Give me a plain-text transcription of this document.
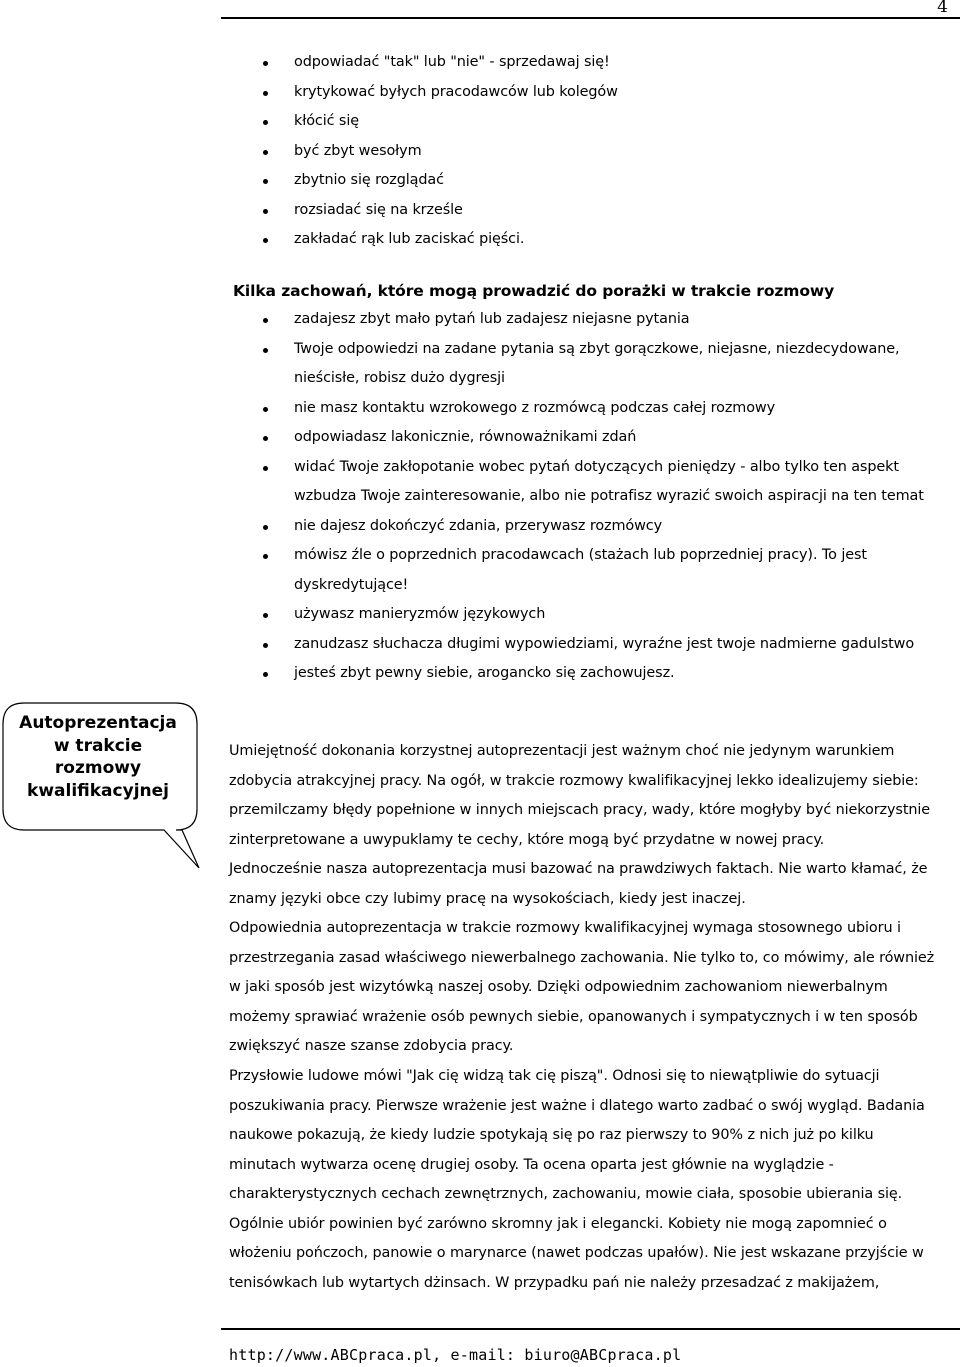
4
odpowiadać "tak" lub "nie" - sprzedawaj się!
krytykować byłych pracodawców lub kolegów
kłócić się
być zbyt wesołym
zbytnio się rozglądać
rozsiadać się na krześle
zakładać rąk lub zaciskać pięści.
Kilka zachowań, które mogą prowadzić do porażki w trakcie rozmowy
zadajesz zbyt mało pytań lub zadajesz niejasne pytania
Twoje odpowiedzi na zadane pytania są zbyt gorączkowe, niejasne, niezdecydowane, nieścisłe, robisz dużo dygresji
nie masz kontaktu wzrokowego z rozmówcą podczas całej rozmowy
odpowiadasz lakonicznie, równoważnikami zdań
widać Twoje zakłopotanie wobec pytań dotyczących pieniędzy - albo tylko ten aspekt wzbudza Twoje zainteresowanie, albo nie potrafisz wyrazić swoich aspiracji na ten temat
nie dajesz dokończyć zdania, przerywasz rozmówcy
mówisz źle o poprzednich pracodawcach (stażach lub poprzedniej pracy). To jest dyskredytujące!
używasz manieryzmów językowych
zanudzasz słuchacza długimi wypowiedziami, wyraźne jest twoje nadmierne gadulstwo
jesteś zbyt pewny siebie, arogancko się zachowujesz.
Autoprezentacja
w trakcie
rozmowy
kwalifikacyjnej

Umiejętność dokonania korzystnej autoprezentacji jest ważnym choć nie jedynym warunkiem zdobycia atrakcyjnej pracy. Na ogół, w trakcie rozmowy kwalifikacyjnej lekko idealizujemy siebie: przemilczamy błędy popełnione w innych miejscach pracy, wady, które mogłyby być niekorzystnie zinterpretowane a uwypuklamy te cechy, które mogą być przydatne w nowej pracy.

Jednocześnie nasza autoprezentacja musi bazować na prawdziwych faktach. Nie warto kłamać, że znamy języki obce czy lubimy pracę na wysokościach, kiedy jest inaczej.

Odpowiednia autoprezentacja w trakcie rozmowy kwalifikacyjnej wymaga stosownego ubioru i przestrzegania zasad właściwego niewerbalnego zachowania. Nie tylko to, co mówimy, ale również w jaki sposób jest wizytówką naszej osoby. Dzięki odpowiednim zachowaniom niewerbalnym możemy sprawiać wrażenie osób pewnych siebie, opanowanych i sympatycznych i w ten sposób zwiększyć nasze szanse zdobycia pracy.

Przysłowie ludowe mówi "Jak cię widzą tak cię piszą". Odnosi się to niewątpliwie do sytuacji poszukiwania pracy. Pierwsze wrażenie jest ważne i dlatego warto zadbać o swój wygląd. Badania naukowe pokazują, że kiedy ludzie spotykają się po raz pierwszy to 90% z nich już po kilku minutach wytwarza ocenę drugiej osoby. Ta ocena oparta jest głównie na wyglądzie - charakterystycznych cechach zewnętrznych, zachowaniu, mowie ciała, sposobie ubierania się. Ogólnie ubiór powinien być zarówno skromny jak i elegancki. Kobiety nie mogą zapomnieć o włożeniu pończoch, panowie o marynarce (nawet podczas upałów). Nie jest wskazane przyjście w tenisówkach lub wytartych dżinsach. W przypadku pań nie należy przesadzać z makijażem,

http://www.ABCpraca.pl, e-mail: biuro@ABCpraca.pl
